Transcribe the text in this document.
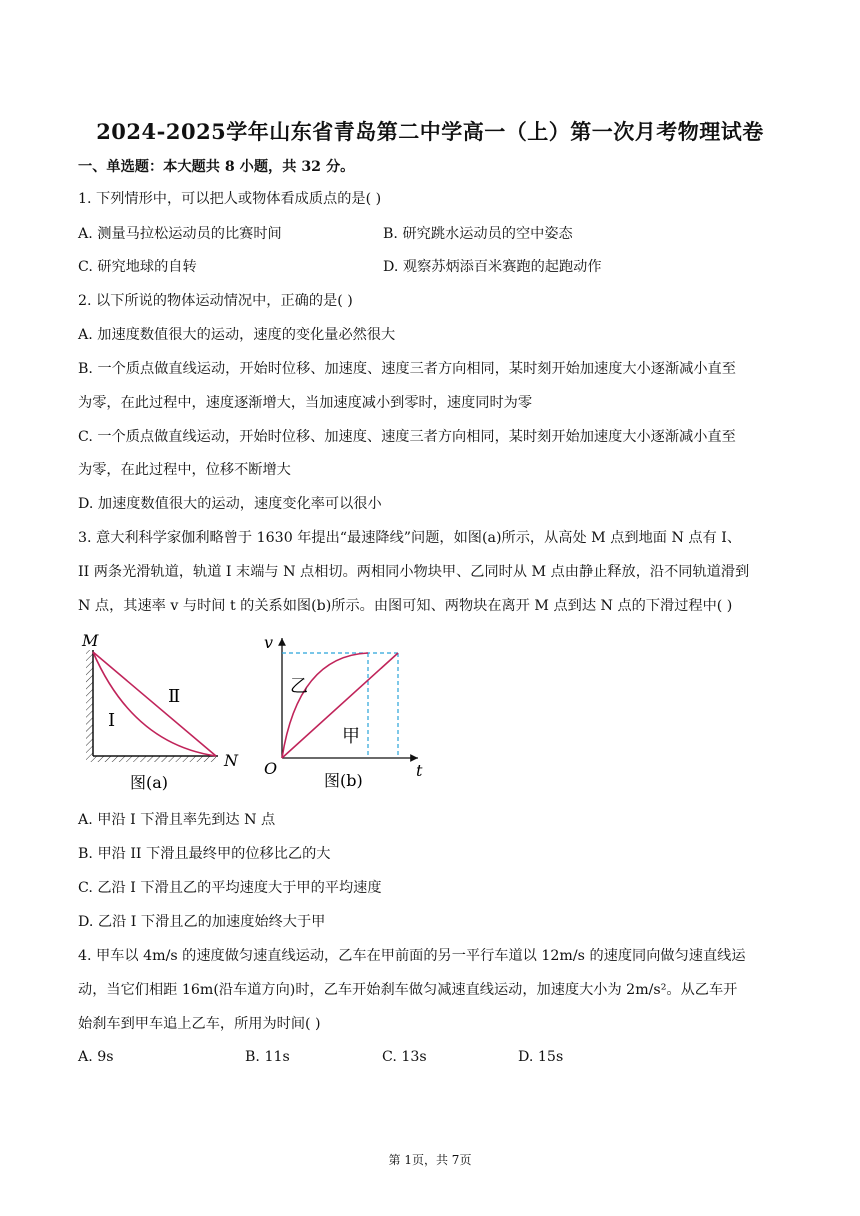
2024-2025学年山东省青岛第二中学高一（上）第一次月考物理试卷
一、单选题：本大题共 8 小题，共 32 分。
1. 下列情形中，可以把人或物体看成质点的是( )
A. 测量马拉松运动员的比赛时间	B. 研究跳水运动员的空中姿态
C. 研究地球的自转	D. 观察苏炳添百米赛跑的起跑动作
2. 以下所说的物体运动情况中，正确的是( )
A. 加速度数值很大的运动，速度的变化量必然很大
B. 一个质点做直线运动，开始时位移、加速度、速度三者方向相同，某时刻开始加速度大小逐渐减小直至
为零，在此过程中，速度逐渐增大，当加速度减小到零时，速度同时为零
C. 一个质点做直线运动，开始时位移、加速度、速度三者方向相同，某时刻开始加速度大小逐渐减小直至
为零，在此过程中，位移不断增大
D. 加速度数值很大的运动，速度变化率可以很小
3. 意大利科学家伽利略曾于 1630 年提出“最速降线”问题，如图(a)所示，从高处 M 点到地面 N 点有 I、
II 两条光滑轨道，轨道 I 末端与 N 点相切。两相同小物块甲、乙同时从 M 点由静止释放，沿不同轨道滑到
N 点，其速率 v 与时间 t 的关系如图(b)所示。由图可知、两物块在离开 M 点到达 N 点的下滑过程中( )
M
N
I
Ⅱ
图(a)
v
t
O
乙
甲
图(b)
A. 甲沿 I 下滑且率先到达 N 点
B. 甲沿 II 下滑且最终甲的位移比乙的大
C. 乙沿 I 下滑且乙的平均速度大于甲的平均速度
D. 乙沿 I 下滑且乙的加速度始终大于甲
4. 甲车以 4m/s 的速度做匀速直线运动，乙车在甲前面的另一平行车道以 12m/s 的速度同向做匀速直线运
动，当它们相距 16m(沿车道方向)时，乙车开始刹车做匀减速直线运动，加速度大小为 2m/s²。从乙车开
始刹车到甲车追上乙车，所用为时间( )
A. 9s	B. 11s	C. 13s	D. 15s
第 1页，共 7页
